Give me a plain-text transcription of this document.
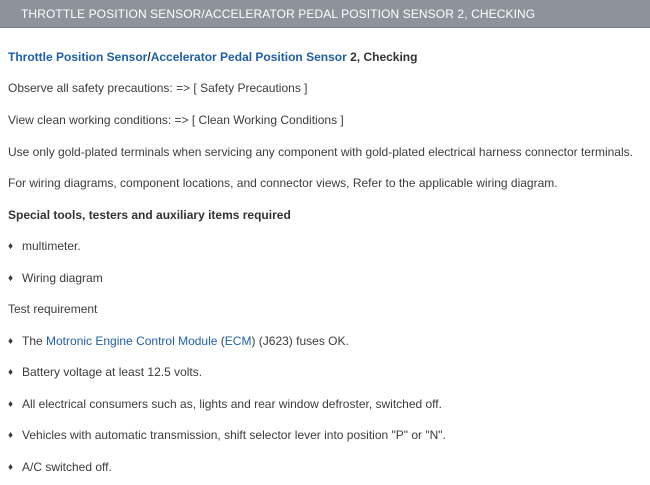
THROTTLE POSITION SENSOR/ACCELERATOR PEDAL POSITION SENSOR 2, CHECKING
Throttle Position Sensor/Accelerator Pedal Position Sensor 2, Checking
Observe all safety precautions: => [ Safety Precautions ]
View clean working conditions: => [ Clean Working Conditions ]
Use only gold-plated terminals when servicing any component with gold-plated electrical harness connector terminals.
For wiring diagrams, component locations, and connector views, Refer to the applicable wiring diagram.
Special tools, testers and auxiliary items required
♦ multimeter.
♦ Wiring diagram
Test requirement
♦ The Motronic Engine Control Module (ECM) (J623) fuses OK.
♦ Battery voltage at least 12.5 volts.
♦ All electrical consumers such as, lights and rear window defroster, switched off.
♦ Vehicles with automatic transmission, shift selector lever into position "P" or "N".
♦ A/C switched off.
